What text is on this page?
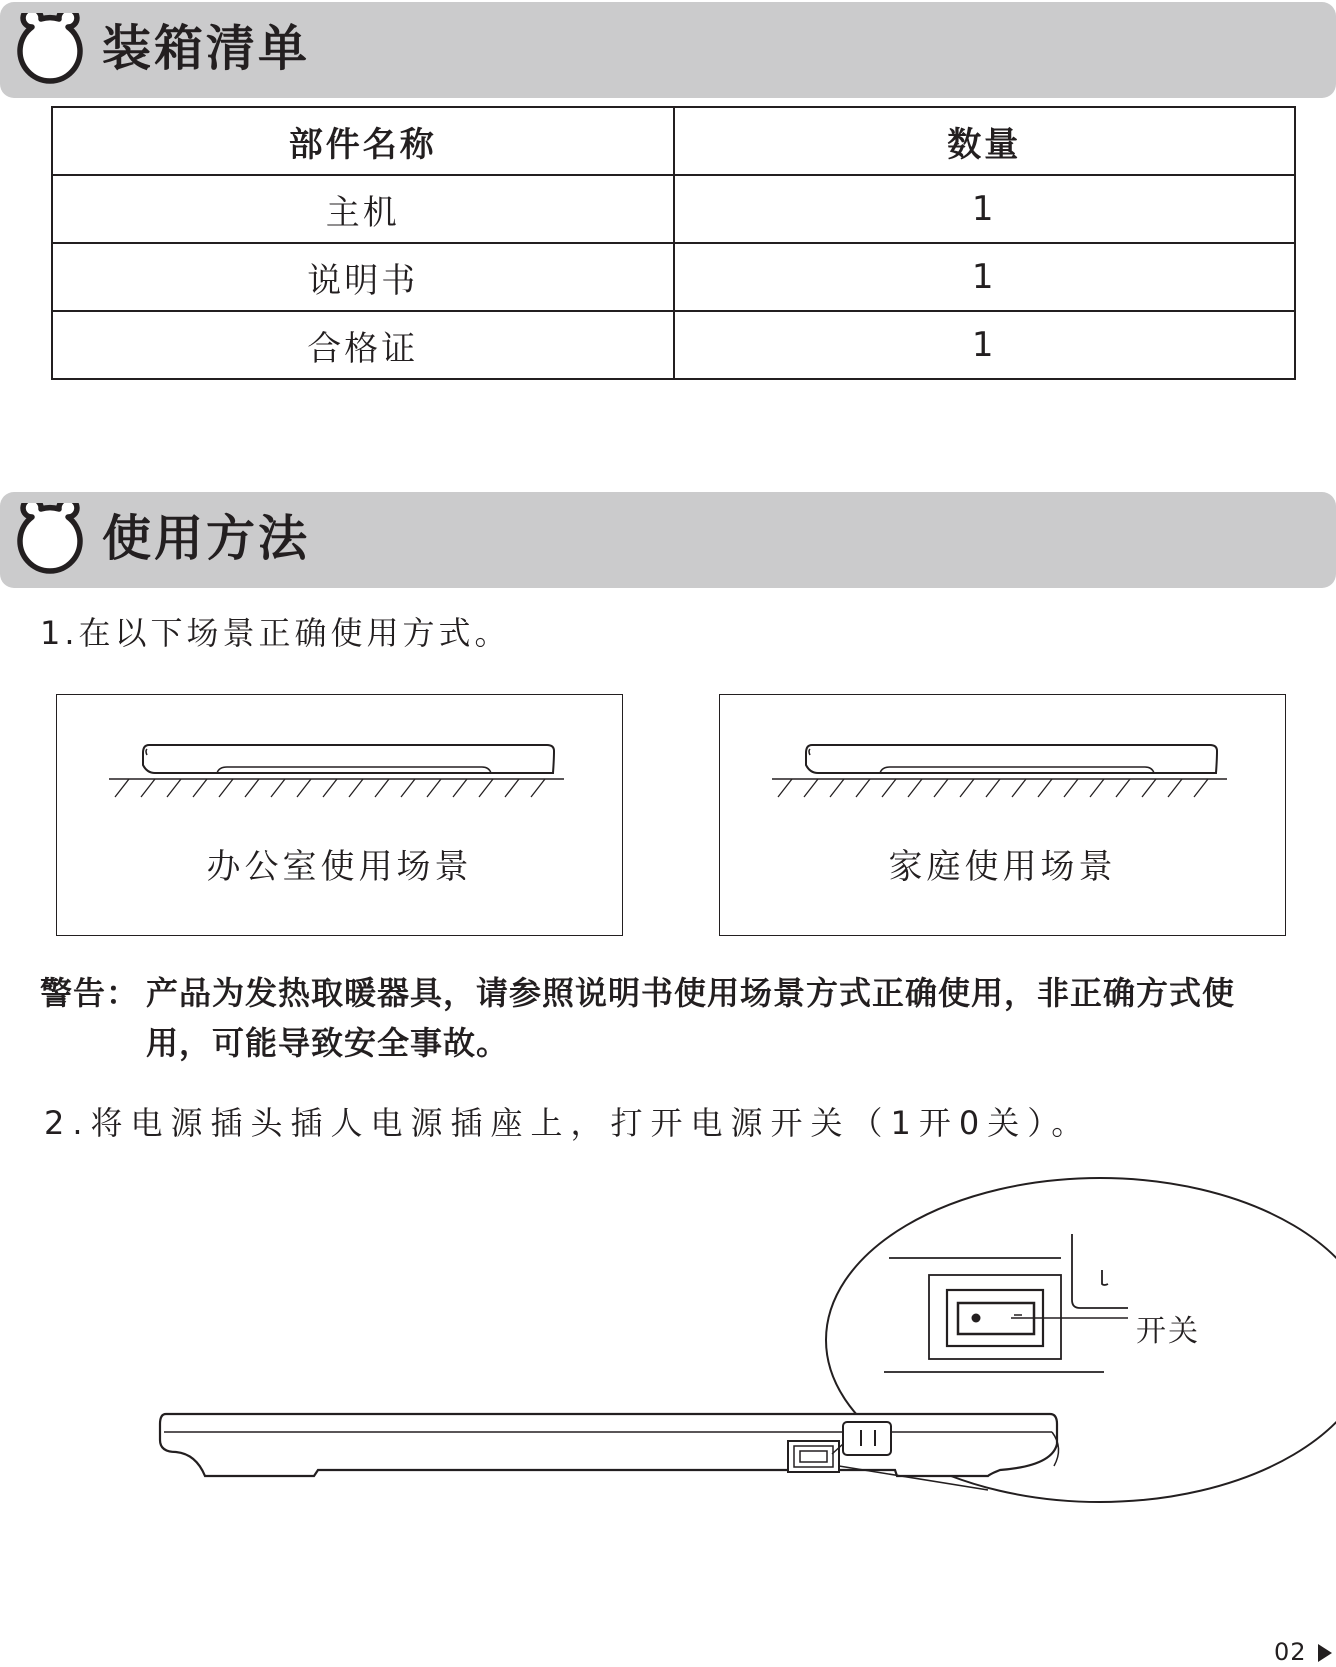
装箱清单
部件名称	数量
主机	1
说明书	1
合格证	1
使用方法
1.在以下场景正确使用方式。
办公室使用场景	家庭使用场景
警告： 产品为发热取暖器具，请参照说明书使用场景方式正确使用，非正确方式使用，可能导致安全事故。
2.将电源插头插人电源插座上，打开电源开关（1开0关）。
开关
02
